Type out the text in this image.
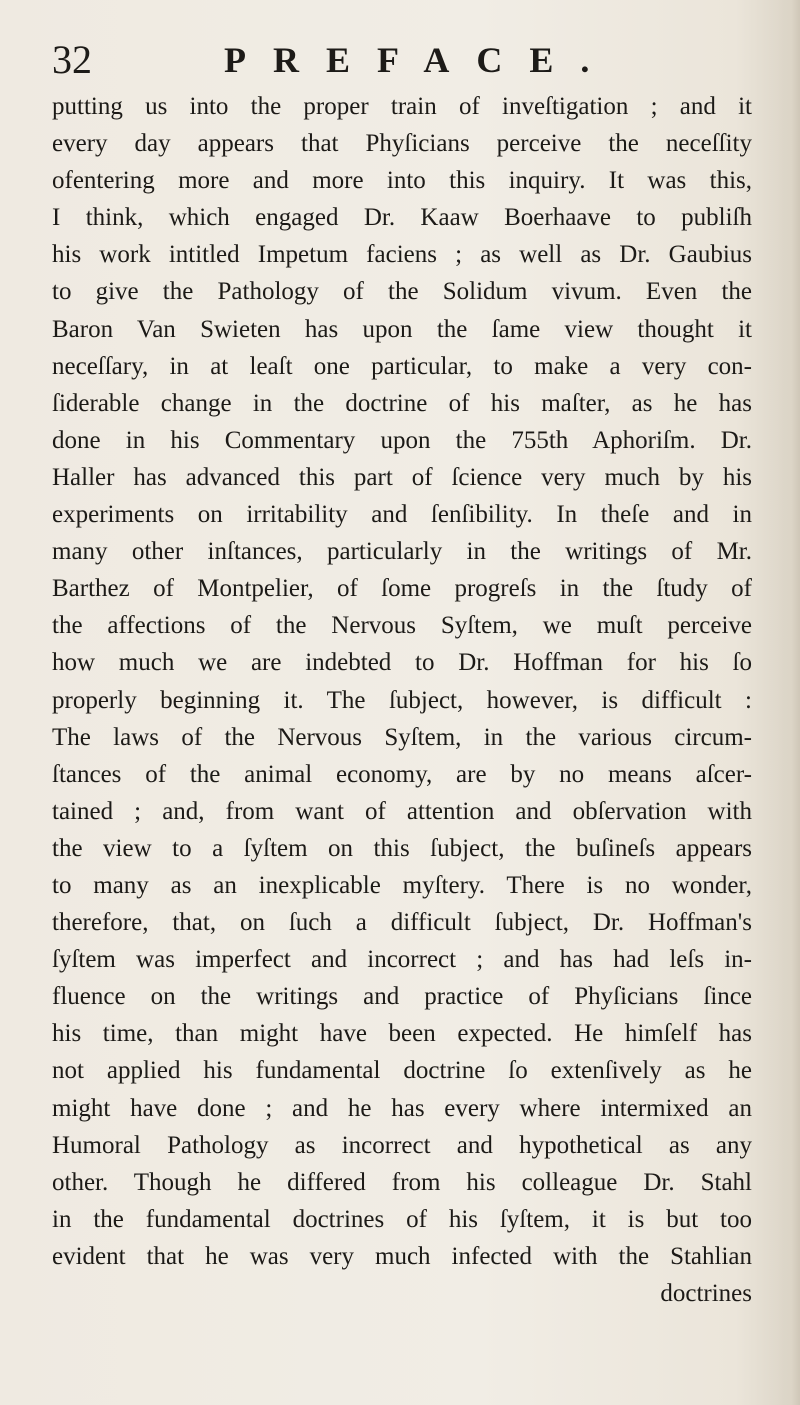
32	PREFACE.
putting us into the proper train of inveſtigation ; and it
every day appears that Phyſicians perceive the neceſſity
ofentering more and more into this inquiry. It was this,
I think, which engaged Dr. Kaaw Boerhaave to publiſh
his work intitled Impetum faciens ; as well as Dr. Gaubius
to give the Pathology of the Solidum vivum. Even the
Baron Van Swieten has upon the ſame view thought it
neceſſary, in at leaſt one particular, to make a very con-
ſiderable change in the doctrine of his maſter, as he has
done in his Commentary upon the 755th Aphoriſm. Dr.
Haller has advanced this part of ſcience very much by his
experiments on irritability and ſenſibility. In theſe and in
many other inſtances, particularly in the writings of Mr.
Barthez of Montpelier, of ſome progreſs in the ſtudy of
the affections of the Nervous Syſtem, we muſt perceive
how much we are indebted to Dr. Hoffman for his ſo
properly beginning it. The ſubject, however, is difficult :
The laws of the Nervous Syſtem, in the various circum-
ſtances of the animal economy, are by no means aſcer-
tained ; and, from want of attention and obſervation with
the view to a ſyſtem on this ſubject, the buſineſs appears
to many as an inexplicable myſtery. There is no wonder,
therefore, that, on ſuch a difficult ſubject, Dr. Hoffman's
ſyſtem was imperfect and incorrect ; and has had leſs in-
fluence on the writings and practice of Phyſicians ſince
his time, than might have been expected. He himſelf has
not applied his fundamental doctrine ſo extenſively as he
might have done ; and he has every where intermixed an
Humoral Pathology as incorrect and hypothetical as any
other. Though he differed from his colleague Dr. Stahl
in the fundamental doctrines of his ſyſtem, it is but too
evident that he was very much infected with the Stahlian
doctrines
